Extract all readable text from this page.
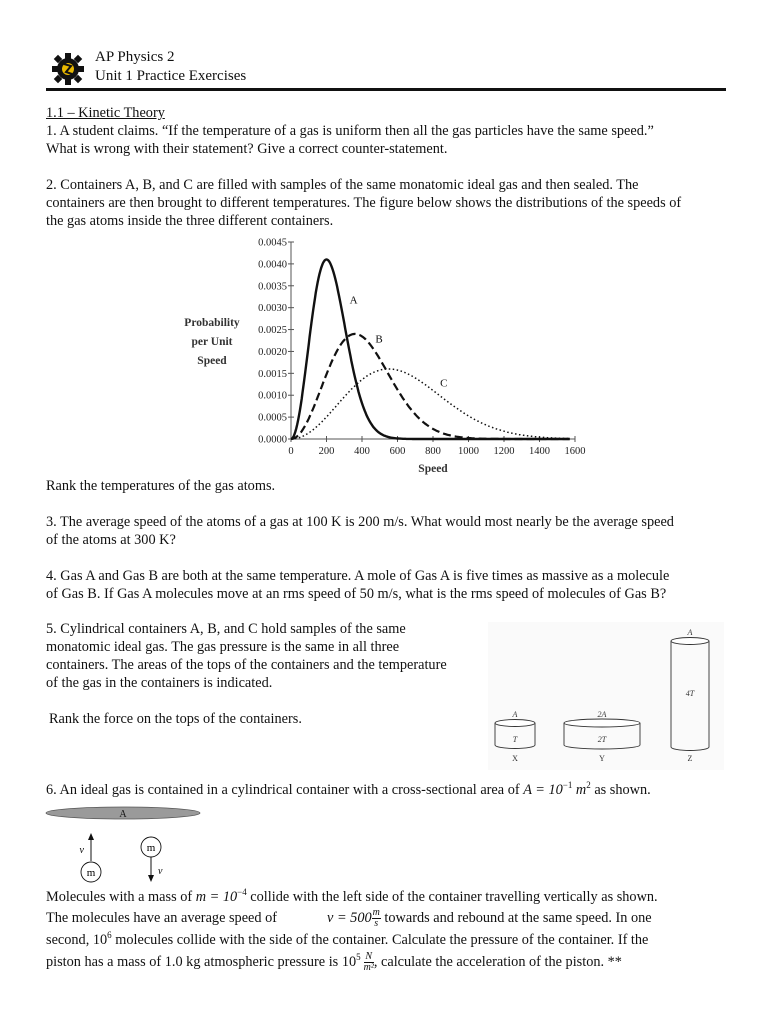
AP Physics 2
Unit 1 Practice Exercises
1.1 – Kinetic Theory
1. A student claims. “If the temperature of a gas is uniform then all the gas particles have the same speed.”
What is wrong with their statement? Give a correct counter-statement.
2. Containers A, B, and C are filled with samples of the same monatomic ideal gas and then sealed. The
containers are then brought to different temperatures. The figure below shows the distributions of the speeds of
the gas atoms inside the three different containers.
Probability
per Unit
Speed
Speed
0.0000
0.0005
0.0010
0.0015
0.0020
0.0025
0.0030
0.0035
0.0040
0.0045
0 200 400 600 800 1000 1200 1400 1600
A
B
C
Rank the temperatures of the gas atoms.
3. The average speed of the atoms of a gas at 100 K is 200 m/s. What would most nearly be the average speed
of the atoms at 300 K?
4. Gas A and Gas B are both at the same temperature. A mole of Gas A is five times as massive as a molecule
of Gas B. If Gas A molecules move at an rms speed of 50 m/s, what is the rms speed of molecules of Gas B?
5. Cylindrical containers A, B, and C hold samples of the same
monatomic ideal gas. The gas pressure is the same in all three
containers. The areas of the tops of the containers and the temperature
of the gas in the containers is indicated.
Rank the force on the tops of the containers.	A
T
X
2A
2T
Y
A
4T
Z
6. An ideal gas is contained in a cylindrical container with a cross-sectional area of $A = 10^{-1}$ $m^2$ as shown.
A
m
v	m
v
Molecules with a mass of $m = 10^{-4}$ collide with the left side of the container travelling vertically as shown.
The molecules have an average speed of	$v = 500 \frac{m}{s}$ towards and rebound at the same speed. In one
second, $10^6$ molecules collide with the side of the container. Calculate the pressure of the container. If the
piston has a mass of 1.0 kg atmospheric pressure is $10^5 \frac{N}{\text{m²}}$ , calculate the acceleration of the piston. **
